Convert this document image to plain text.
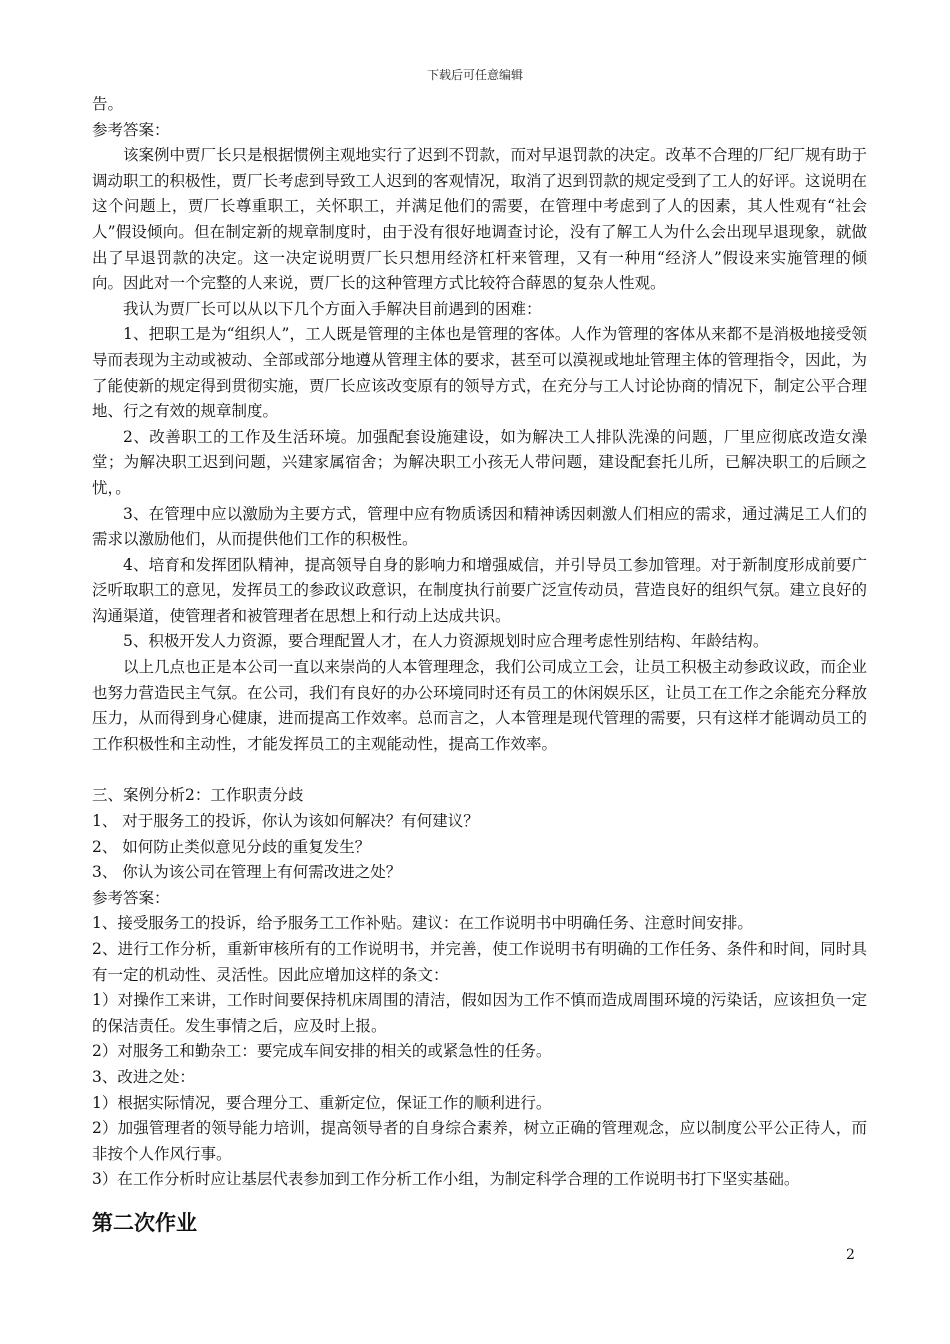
下载后可任意编辑

告。

参考答案：

该案例中贾厂长只是根据惯例主观地实行了迟到不罚款，而对早退罚款的决定。改革不合理的厂纪厂规有助于调动职工的积极性，贾厂长考虑到导致工人迟到的客观情况，取消了迟到罚款的规定受到了工人的好评。这说明在这个问题上，贾厂长尊重职工，关怀职工，并满足他们的需要，在管理中考虑到了人的因素，其人性观有“社会人”假设倾向。但在制定新的规章制度时，由于没有很好地调查讨论，没有了解工人为什么会出现早退现象，就做出了早退罚款的决定。这一决定说明贾厂长只想用经济杠杆来管理，又有一种用“经济人”假设来实施管理的倾向。因此对一个完整的人来说，贾厂长的这种管理方式比较符合薛恩的复杂人性观。

我认为贾厂长可以从以下几个方面入手解决目前遇到的困难：

1、把职工是为“组织人”，工人既是管理的主体也是管理的客体。人作为管理的客体从来都不是消极地接受领导而表现为主动或被动、全部或部分地遵从管理主体的要求，甚至可以漠视或地址管理主体的管理指令，因此，为了能使新的规定得到贯彻实施，贾厂长应该改变原有的领导方式，在充分与工人讨论协商的情况下，制定公平合理地、行之有效的规章制度。

2、改善职工的工作及生活环境。加强配套设施建设，如为解决工人排队洗澡的问题，厂里应彻底改造女澡堂；为解决职工迟到问题，兴建家属宿舍；为解决职工小孩无人带问题，建设配套托儿所，已解决职工的后顾之忧，。

3、在管理中应以激励为主要方式，管理中应有物质诱因和精神诱因刺激人们相应的需求，通过满足工人们的需求以激励他们，从而提供他们工作的积极性。

4、培育和发挥团队精神，提高领导自身的影响力和增强威信，并引导员工参加管理。对于新制度形成前要广泛听取职工的意见，发挥员工的参政议政意识，在制度执行前要广泛宣传动员，营造良好的组织气氛。建立良好的沟通渠道，使管理者和被管理者在思想上和行动上达成共识。

5、积极开发人力资源，要合理配置人才，在人力资源规划时应合理考虑性别结构、年龄结构。

以上几点也正是本公司一直以来崇尚的人本管理理念，我们公司成立工会，让员工积极主动参政议政，而企业也努力营造民主气氛。在公司，我们有良好的办公环境同时还有员工的休闲娱乐区，让员工在工作之余能充分释放压力，从而得到身心健康，进而提高工作效率。总而言之，人本管理是现代管理的需要，只有这样才能调动员工的工作积极性和主动性，才能发挥员工的主观能动性，提高工作效率。

三、案例分析2：工作职责分歧

1、 对于服务工的投诉，你认为该如何解决？有何建议？

2、 如何防止类似意见分歧的重复发生？

3、 你认为该公司在管理上有何需改进之处？

参考答案：

1、接受服务工的投诉，给予服务工工作补贴。建议：在工作说明书中明确任务、注意时间安排。

2、进行工作分析，重新审核所有的工作说明书，并完善，使工作说明书有明确的工作任务、条件和时间，同时具有一定的机动性、灵活性。因此应增加这样的条文：

1）对操作工来讲，工作时间要保持机床周围的清洁，假如因为工作不慎而造成周围环境的污染话，应该担负一定的保洁责任。发生事情之后，应及时上报。

2）对服务工和勤杂工：要完成车间安排的相关的或紧急性的任务。

3、改进之处：

1）根据实际情况，要合理分工、重新定位，保证工作的顺利进行。

2）加强管理者的领导能力培训，提高领导者的自身综合素养，树立正确的管理观念，应以制度公平公正待人，而非按个人作风行事。

3）在工作分析时应让基层代表参加到工作分析工作小组，为制定科学合理的工作说明书打下坚实基础。

第二次作业
2
